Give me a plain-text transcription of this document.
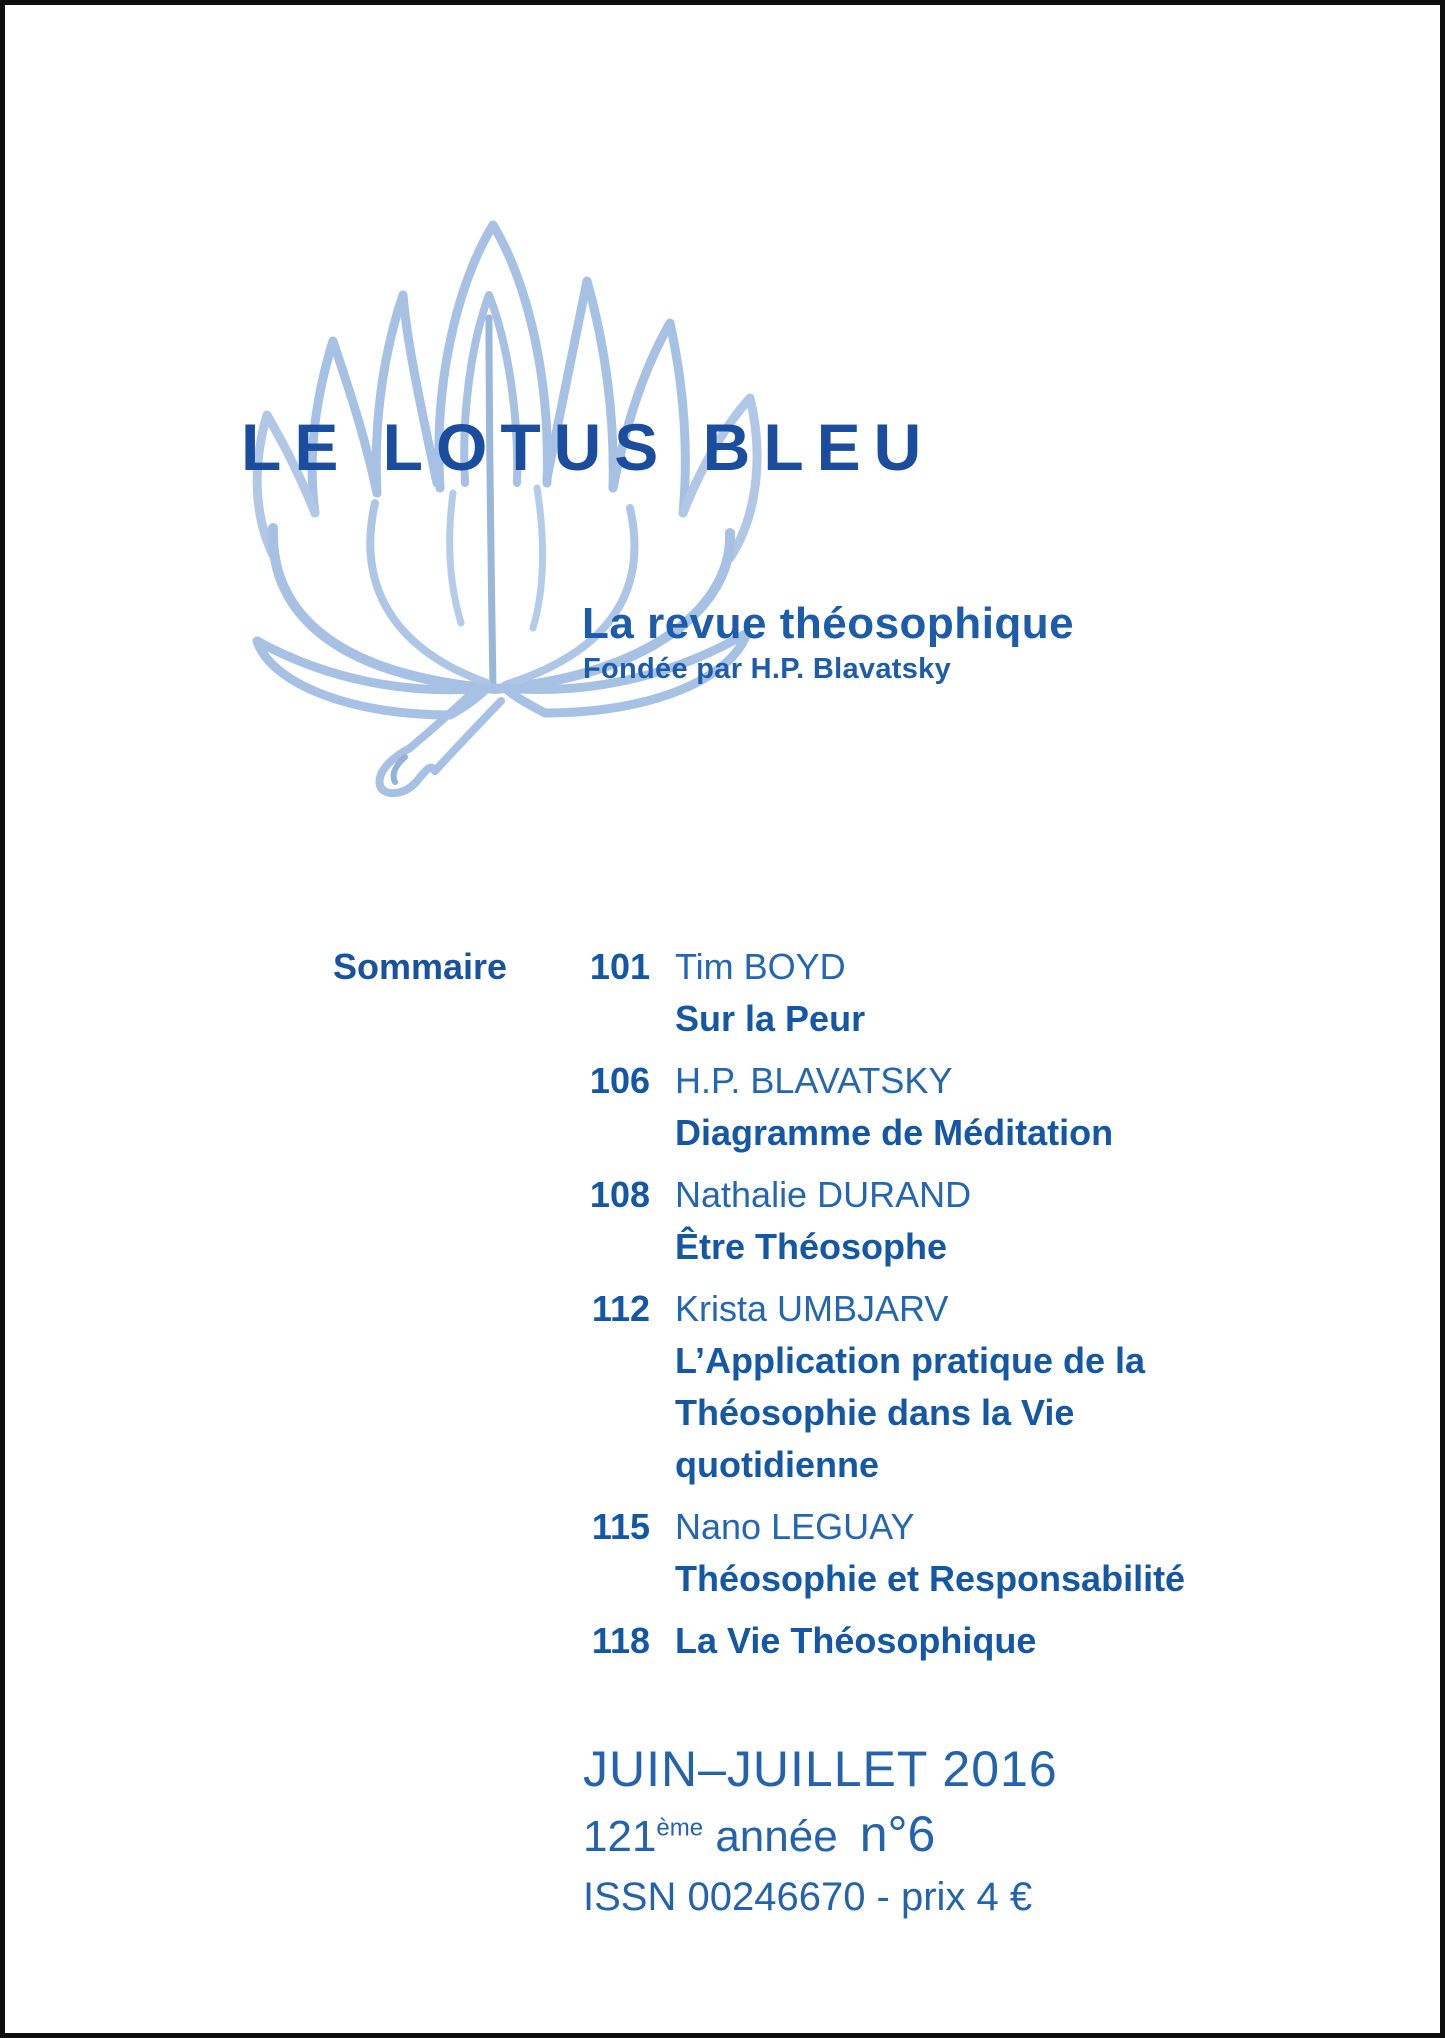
LE LOTUS BLEU
La revue théosophique
Fondée par H.P. Blavatsky
Sommaire 101 Tim BOYD
Sur la Peur
106 H.P. BLAVATSKY
Diagramme de Méditation
108 Nathalie DURAND
Être Théosophe
112 Krista UMBJARV
L’Application pratique de la Théosophie dans la Vie quotidienne
115 Nano LEGUAY
Théosophie et Responsabilité
118 La Vie Théosophique
JUIN–JUILLET 2016
121ème année n°6
ISSN 00246670 - prix 4 €
